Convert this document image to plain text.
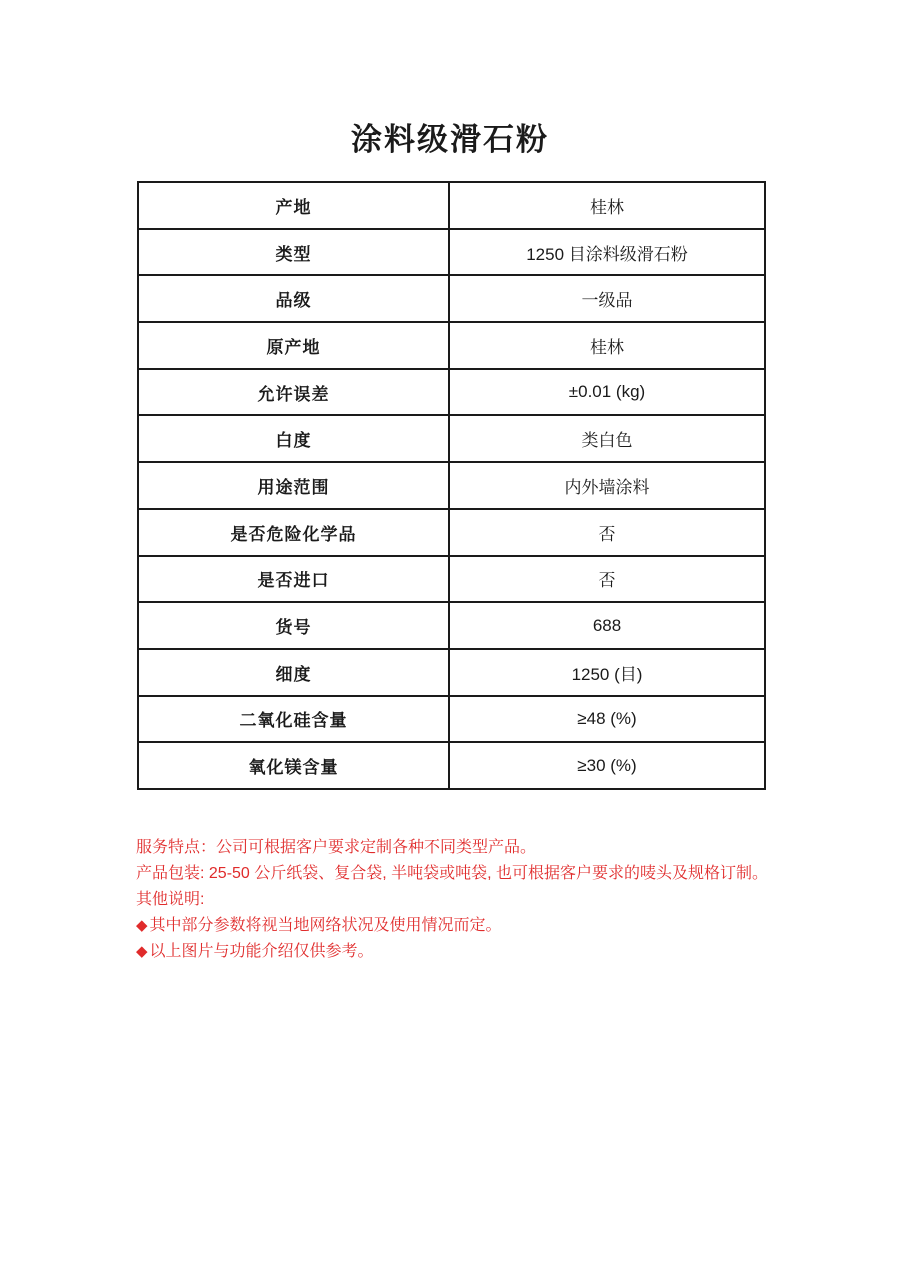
涂料级滑石粉
产地	桂林
类型	1250 目涂料级滑石粉
品级	一级品
原产地	桂林
允许误差	±0.01 (kg)
白度	类白色
用途范围	内外墙涂料
是否危险化学品	否
是否进口	否
货号	688
细度	1250 (目)
二氧化硅含量	≥48 (%)
氧化镁含量	≥30 (%)
服务特点：公司可根据客户要求定制各种不同类型产品。
产品包装: 25-50 公斤纸袋、复合袋, 半吨袋或吨袋, 也可根据客户要求的唛头及规格订制。
其他说明:
◆ 其中部分参数将视当地网络状况及使用情况而定。
◆ 以上图片与功能介绍仅供参考。
